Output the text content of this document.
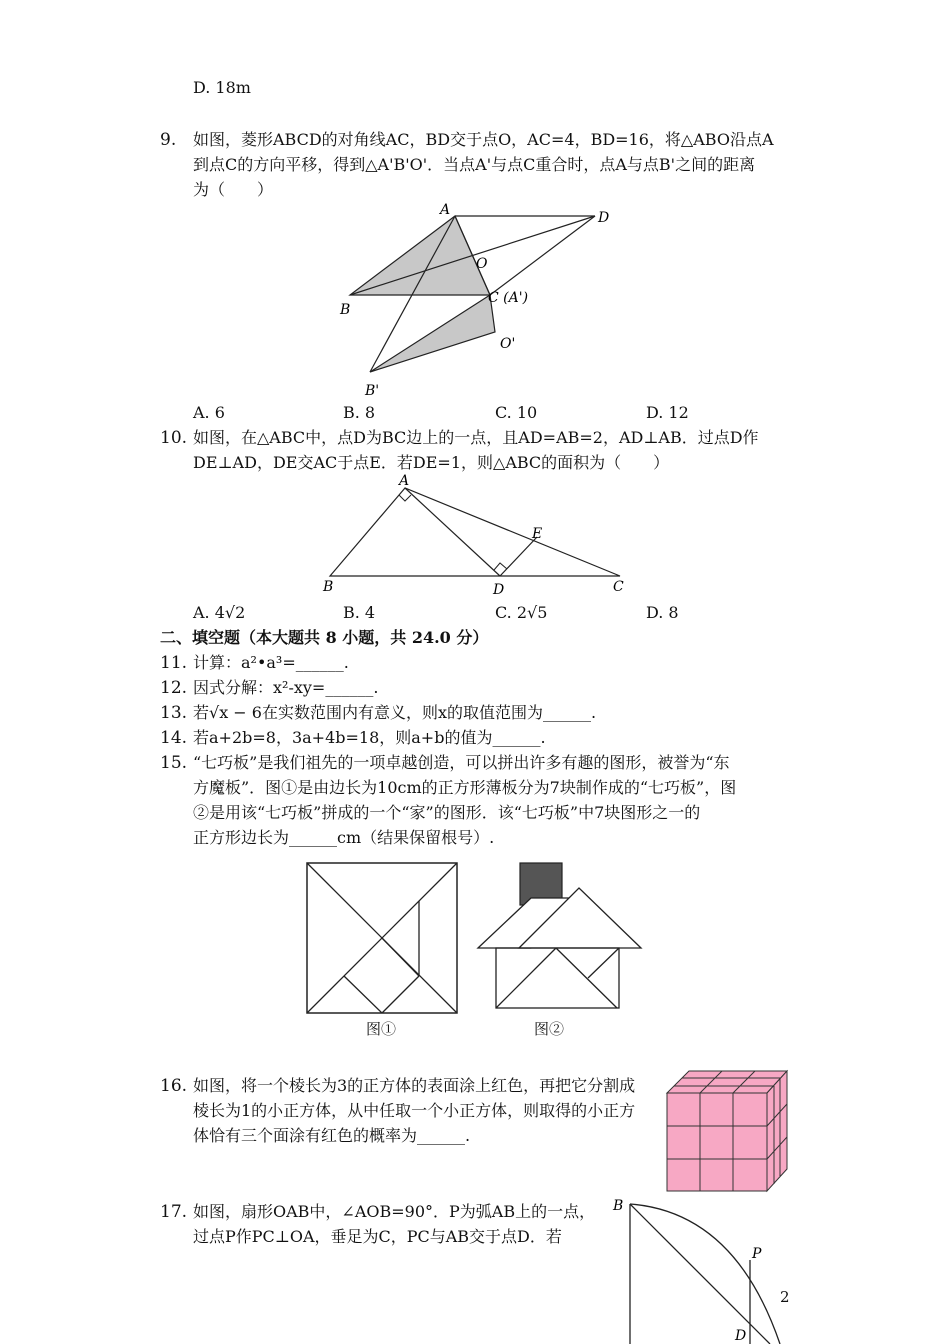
D. 18m
9. 如图，菱形ABCD的对角线AC，BD交于点O，AC=4，BD=16，将△ABO沿点A
到点C的方向平移，得到△A'B'O'．当点A'与点C重合时，点A与点B'之间的距离
为（　　）
A	D
O
B
C (A')
O'
B'
A. 6	B. 8	C. 10	D. 12
10. 如图，在△ABC中，点D为BC边上的一点，且AD=AB=2，AD⊥AB．过点D作
DE⊥AD，DE交AC于点E．若DE=1，则△ABC的面积为（　　）
A
B	C
D
E
A. 4√2	B. 4	C. 2√5	D. 8
二、填空题（本大题共 8 小题，共 24.0 分）
11. 计算：a²•a³=______.
12. 因式分解：x²-xy=______.
13. 若√x − 6在实数范围内有意义，则x的取值范围为______.
14. 若a+2b=8，3a+4b=18，则a+b的值为______.
15. “七巧板”是我们祖先的一项卓越创造，可以拼出许多有趣的图形，被誉为“东
方魔板”．图①是由边长为10cm的正方形薄板分为7块制作成的“七巧板”，图
②是用该“七巧板”拼成的一个“家”的图形．该“七巧板”中7块图形之一的
正方形边长为______cm（结果保留根号）.
图①	图②
16. 如图，将一个棱长为3的正方体的表面涂上红色，再把它分割成
棱长为1的小正方体，从中任取一个小正方体，则取得的小正方
体恰有三个面涂有红色的概率为______.
17. 如图，扇形OAB中，∠AOB=90°．P为弧AB上的一点，
过点P作PC⊥OA，垂足为C，PC与AB交于点D．若
B
P
D
2
